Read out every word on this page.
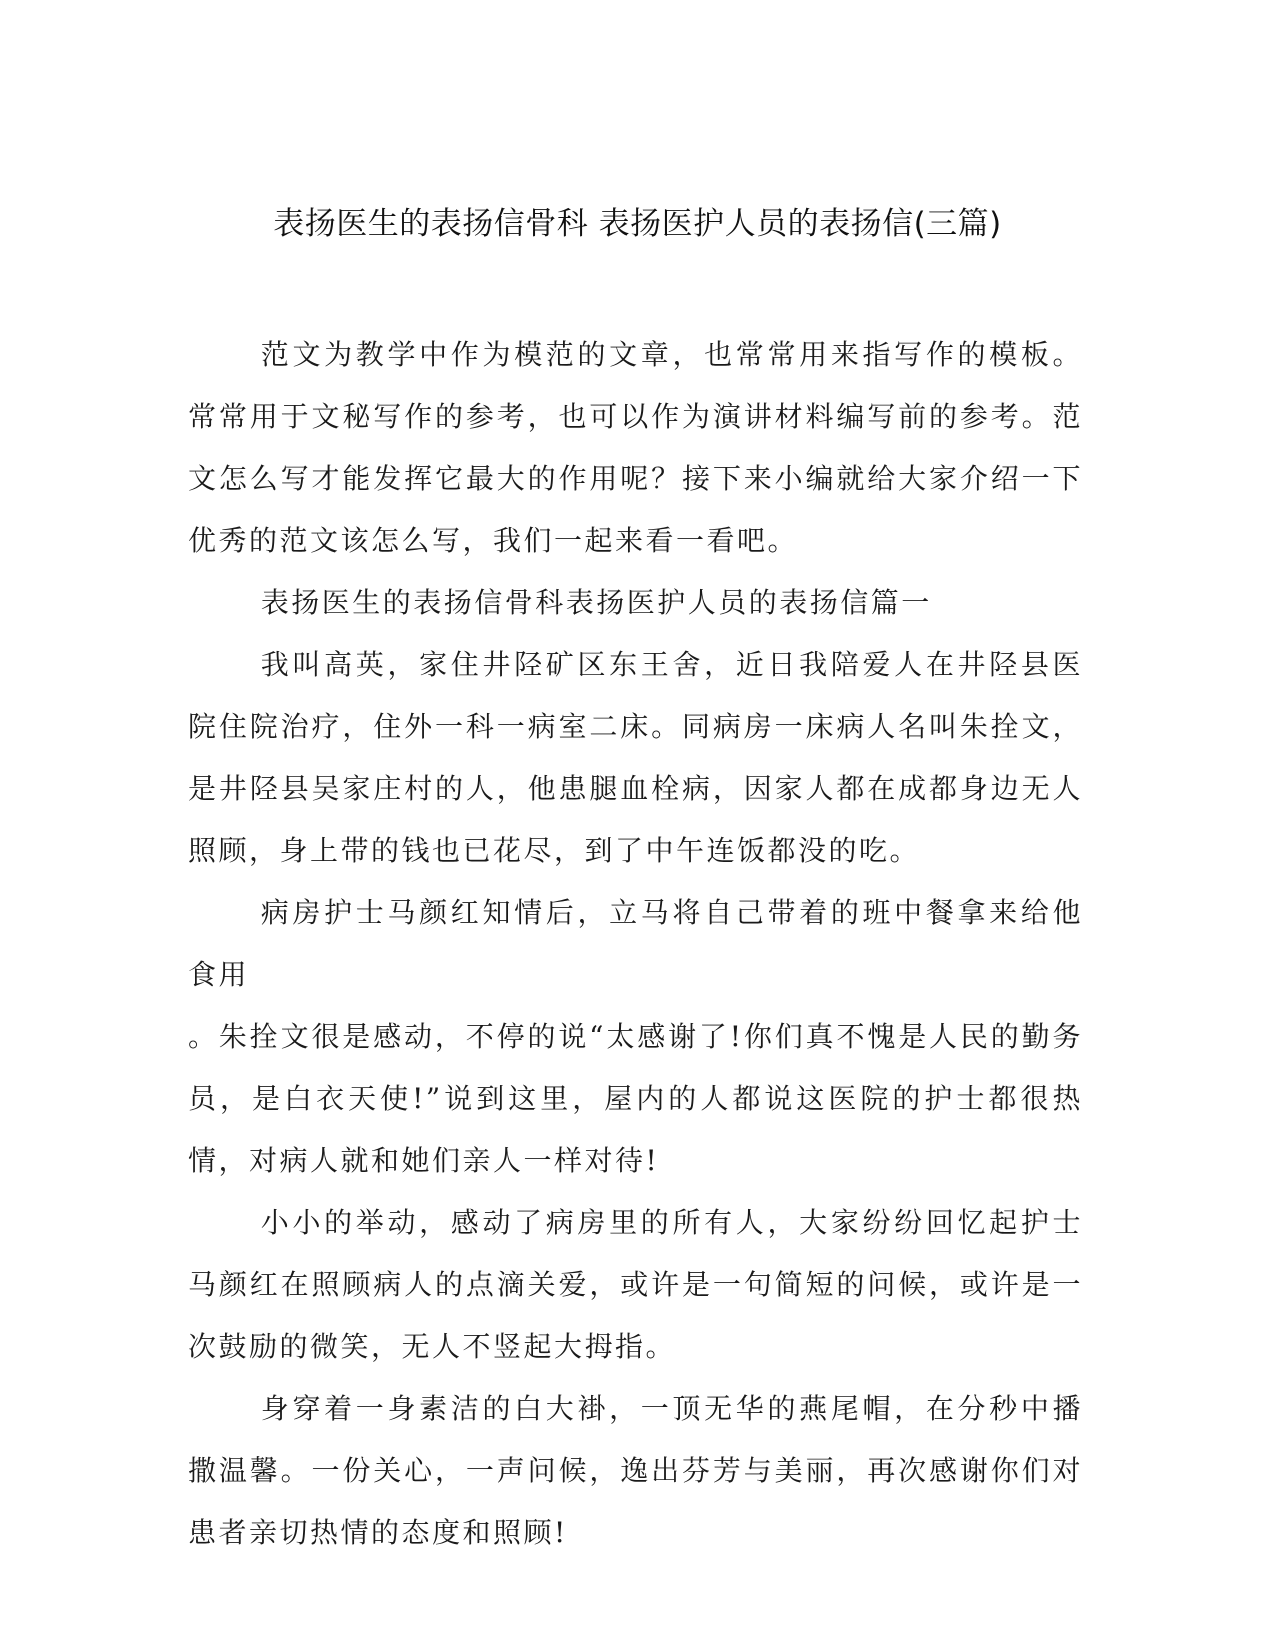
表扬医生的表扬信骨科 表扬医护人员的表扬信(三篇)

范文为教学中作为模范的文章，也常常用来指写作的模板。常常用于文秘写作的参考，也可以作为演讲材料编写前的参考。范文怎么写才能发挥它最大的作用呢？接下来小编就给大家介绍一下优秀的范文该怎么写，我们一起来看一看吧。

表扬医生的表扬信骨科表扬医护人员的表扬信篇一

我叫高英，家住井陉矿区东王舍，近日我陪爱人在井陉县医院住院治疗，住外一科一病室二床。同病房一床病人名叫朱拴文，是井陉县吴家庄村的人，他患腿血栓病，因家人都在成都身边无人照顾，身上带的钱也已花尽，到了中午连饭都没的吃。

病房护士马颜红知情后，立马将自己带着的班中餐拿来给他食用
。朱拴文很是感动，不停的说“太感谢了!你们真不愧是人民的勤务员，是白衣天使!”说到这里，屋内的人都说这医院的护士都很热情，对病人就和她们亲人一样对待!

小小的举动，感动了病房里的所有人，大家纷纷回忆起护士马颜红在照顾病人的点滴关爱，或许是一句简短的问候，或许是一次鼓励的微笑，无人不竖起大拇指。

身穿着一身素洁的白大褂，一顶无华的燕尾帽，在分秒中播撒温馨。一份关心，一声问候，逸出芬芳与美丽，再次感谢你们对患者亲切热情的态度和照顾!
